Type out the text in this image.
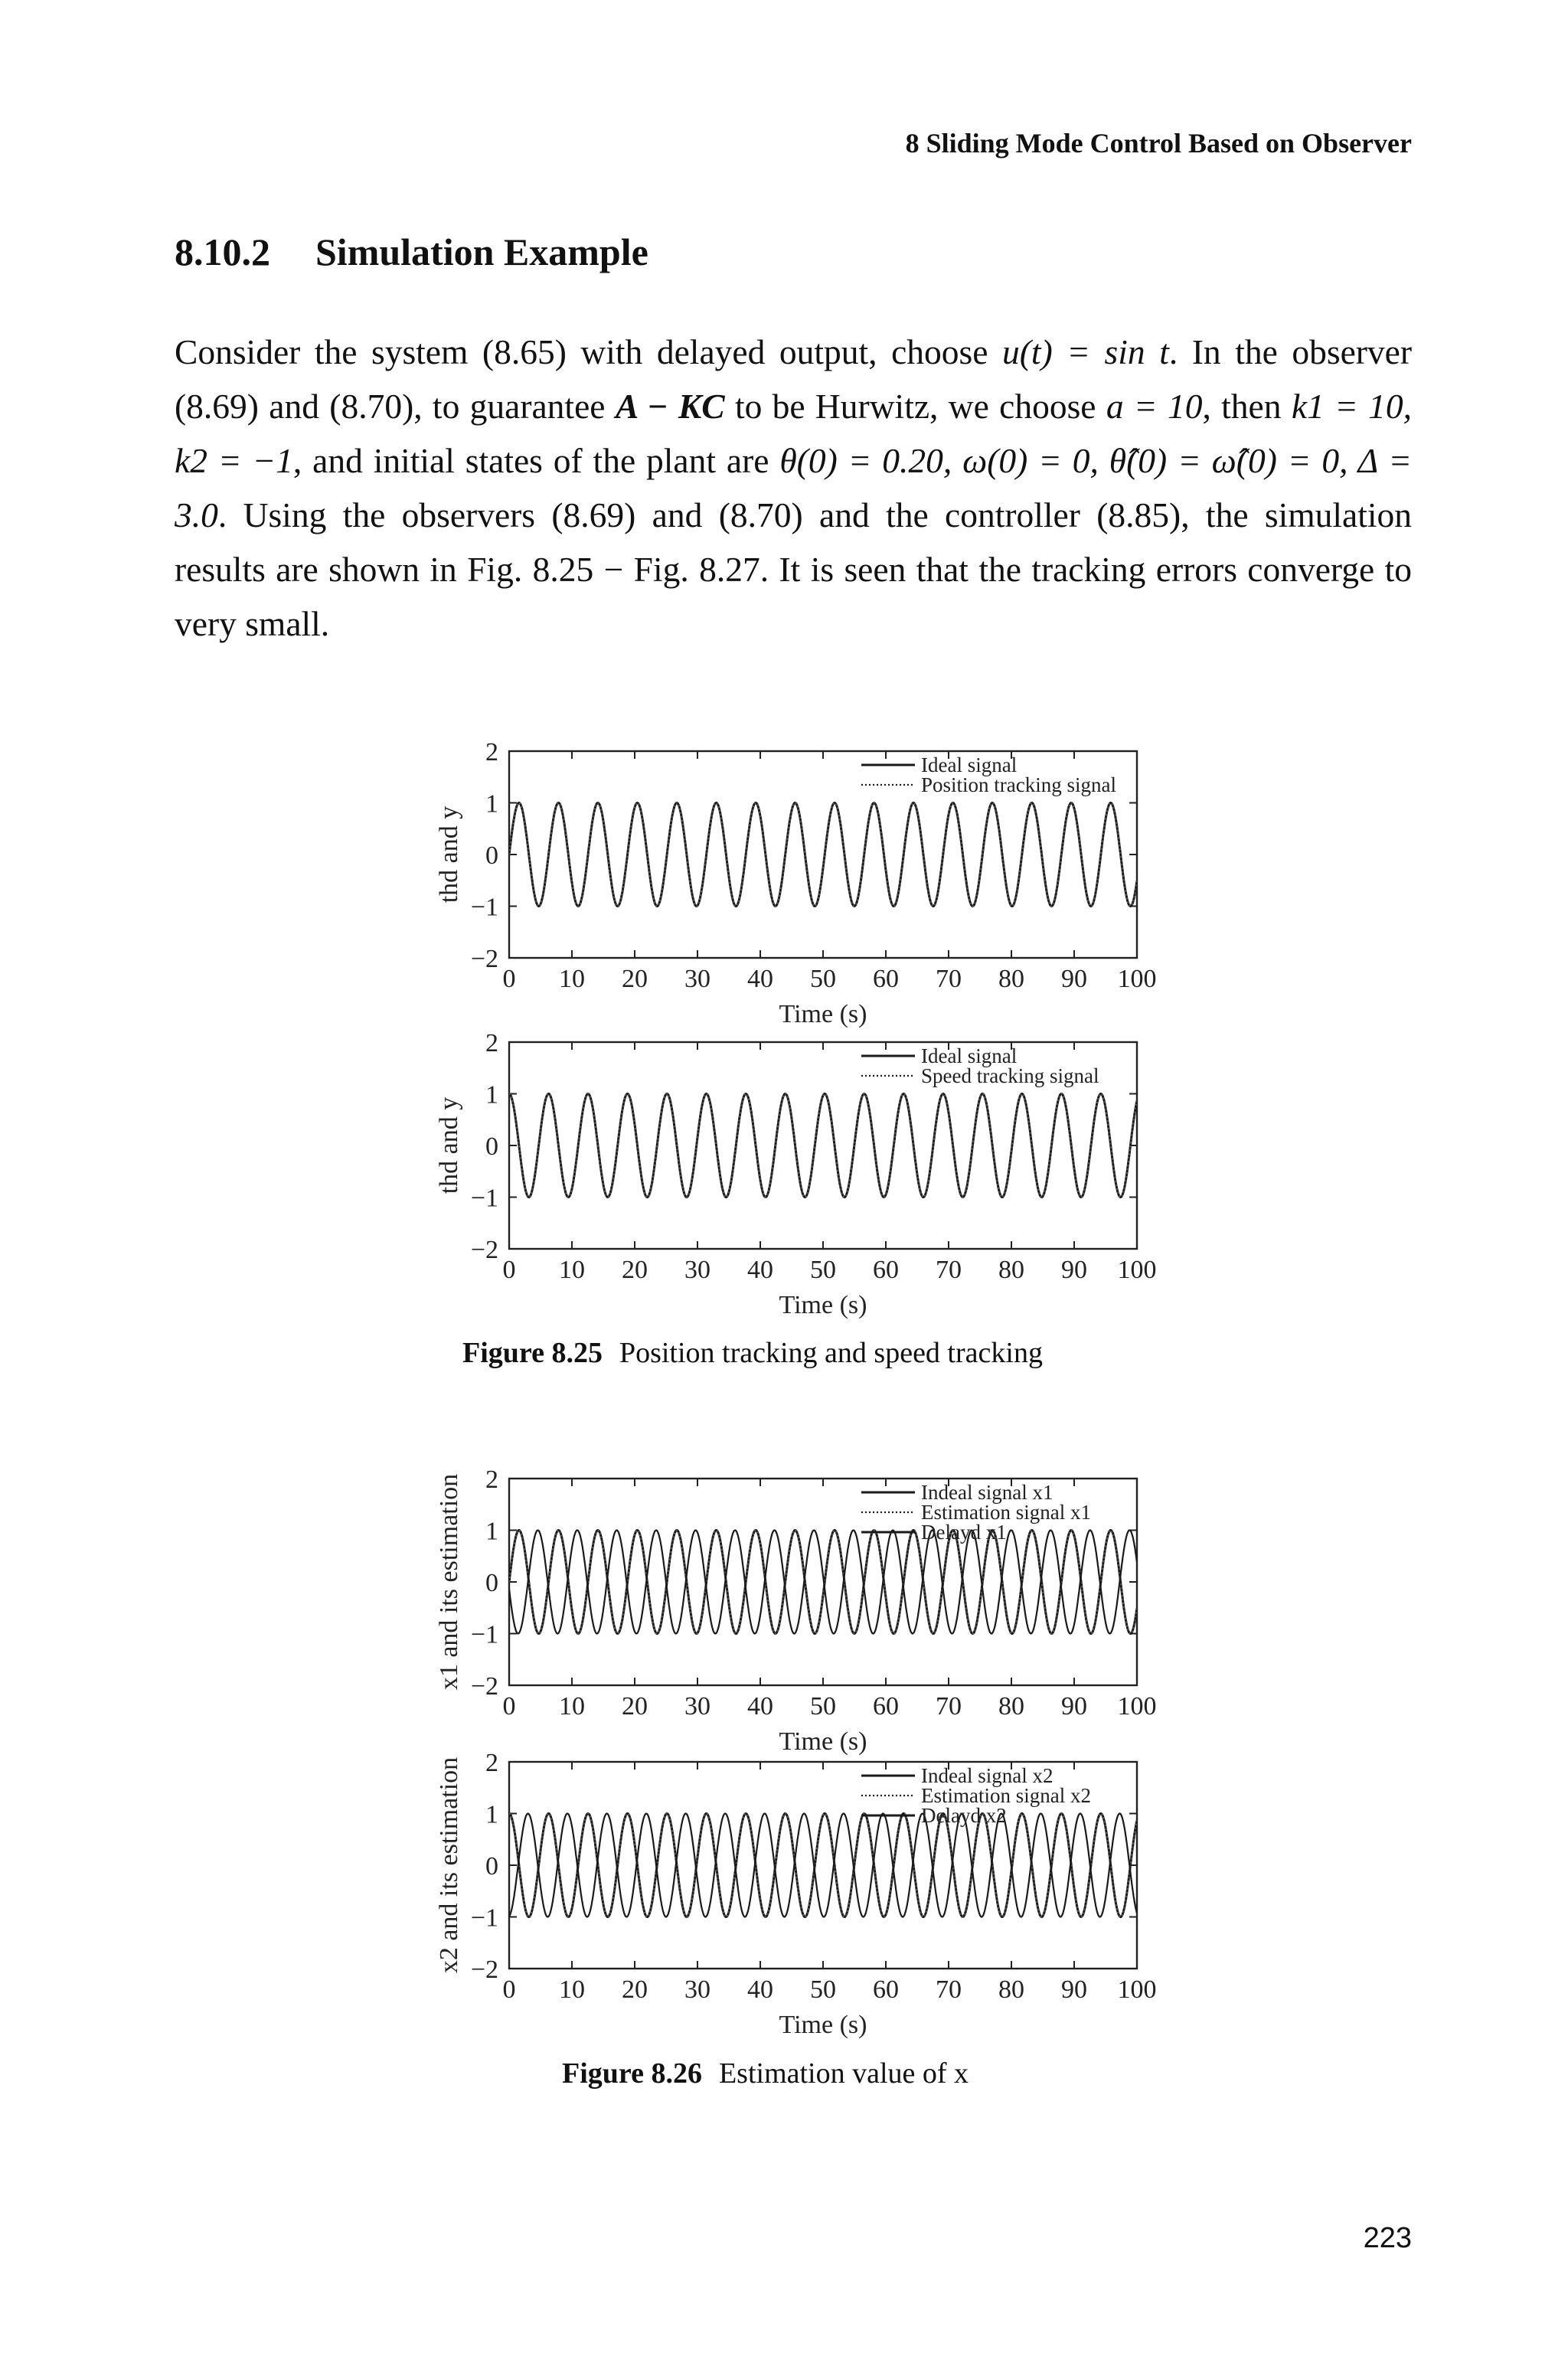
8 Sliding Mode Control Based on Observer
8.10.2 Simulation Example

Consider the system (8.65) with delayed output, choose u(t) = sin t. In the observer (8.69) and (8.70), to guarantee A − KC to be Hurwitz, we choose a = 10, then k1 = 10, k2 = −1, and initial states of the plant are θ(0) = 0.20, ω(0) = 0, θ̂(0) = ω̂(0) = 0, Δ = 3.0. Using the observers (8.69) and (8.70) and the controller (8.85), the simulation results are shown in Fig. 8.25 − Fig. 8.27. It is seen that the tracking errors converge to very small.

0 10 20 30 40 50 60 70 80 90 100
−2
−1
0
1
2
Time (s)
thd and y
Ideal signal
Position tracking signal
0 10 20 30 40 50 60 70 80 90 100
−2
−1
0
1
2
Time (s)
thd and y
Ideal signal
Speed tracking signal
Figure 8.25 Position tracking and speed tracking
0 10 20 30 40 50 60 70 80 90 100
−2
−1
0
1
2
Time (s)
x1 and its estimation	Indeal signal x1
Estimation signal x1
Delayd x1
0 10 20 30 40 50 60 70 80 90 100
−2
−1
0
1
2
Time (s)
x2 and its estimation	Indeal signal x2
Estimation signal x2
Delayd x2
Figure 8.26 Estimation value of x
223
